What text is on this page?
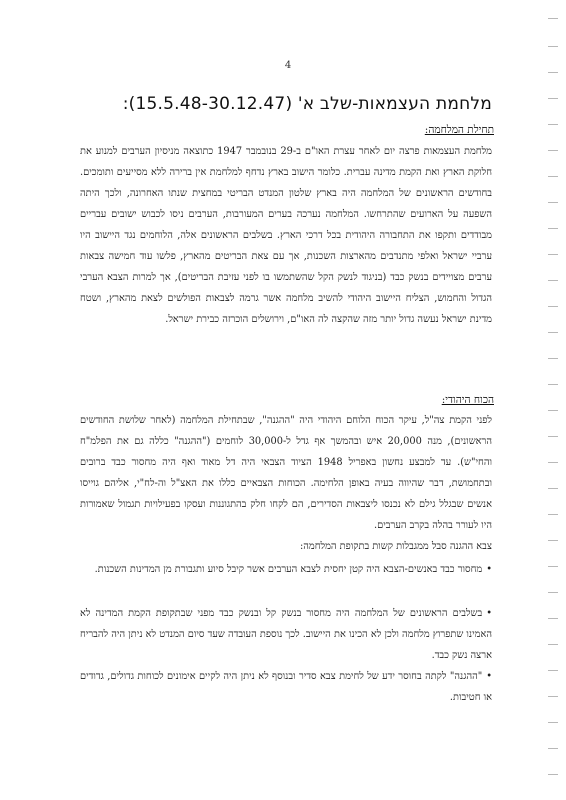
4
מלחמת העצמאות-שלב א' (15.5.48-30.12.47):
תחילת המלחמה:
מלחמת העצמאות פרצה יום לאחר עצרת האו"ם ב-29 בנובמבר 1947 כתוצאה מניסיון הערבים למנוע את חלוקת הארץ ואת הקמת מדינה עברית. כלומר הישוב בארץ נדחף למלחמת אין ברירה ללא מסייעים ותומכים. בחודשים הראשונים של המלחמה היה בארץ שלטון המנדט הבריטי במחצית שנתו האחרונה, ולכך היתה השפעה על הארועים שהתרחשו. המלחמה נערכה בערים המעורבות, הערבים ניסו לכבוש ישובים עבריים מבודדים ותקפו את התחבורה היהודית בכל דרכי הארץ. בשלבים הראשונים אלה, הלוחמים נגד היישוב היו ערביי ישראל ואלפי מתנדבים מהארצות השכנות, אך עם צאת הבריטים מהארץ, פלשו עוד חמישה צבאות ערבים מצויידים בנשק כבד (בניגוד לנשק הקל שהשתמשו בו לפני עזיבת הבריטים), אך למרות הצבא הערבי הגדול והחמוש, הצליח היישוב היהודי להשיב מלחמה אשר גרמה לצבאות הפולשים לצאת מהארץ, ושטח מדינת ישראל נעשה גדול יותר מזה שהקצה לה האו"ם, וירושלים הוכרזה כבירת ישראל.
הכוח היהודי:
לפני הקמת צה"ל, עיקר הכוח הלוחם היהודי היה "ההגנה", שבתחילת המלחמה (לאחר שלושת החודשים הראשונים), מנה 20,000 איש ובהמשך אף גדל ל-30,000 לוחמים ("ההגנה" כללה גם את הפלמ"ח והחי"ש). עד למבצע נחשון באפריל 1948 הציוד הצבאי היה דל מאוד ואף היה מחסור כבד ברובים ובתחמושת, דבר שהיווה בעיה באופן הלחימה. הכוחות הצבאיים כללו את האצ"ל וה-לח"י, אליהם גוייסו אנשים שבגלל גילם לא נכנסו ליצבאות הסדירים, הם לקחו חלק בהתגוננות ועסקו בפעילויות תגמול שאמורות היו לעורר בהלה בקרב הערבים.
צבא ההגנה סבל ממגבלות קשות בתקופת המלחמה:
•מחסור כבד באנשים-הצבא היה קטן יחסית לצבא הערבים אשר קיבל סיוע ותגבורת מן המדינות השכנות.
•בשלבים הראשונים של המלחמה היה מחסור בנשק קל ובנשק כבד מפני שבתקופת הקמת המדינה לא האמינו שתפרוץ מלחמה ולכן לא הכינו את היישוב. לכך נוספת העובדה שעד סיום המנדט לא ניתן היה להבריח ארצה נשק כבד.
•"ההגנה" לקתה בחוסר ידע של לחימת צבא סדיר ובנוסף לא ניתן היה לקיים אימונים לכוחות גדולים, גדודים או חטיבות.
